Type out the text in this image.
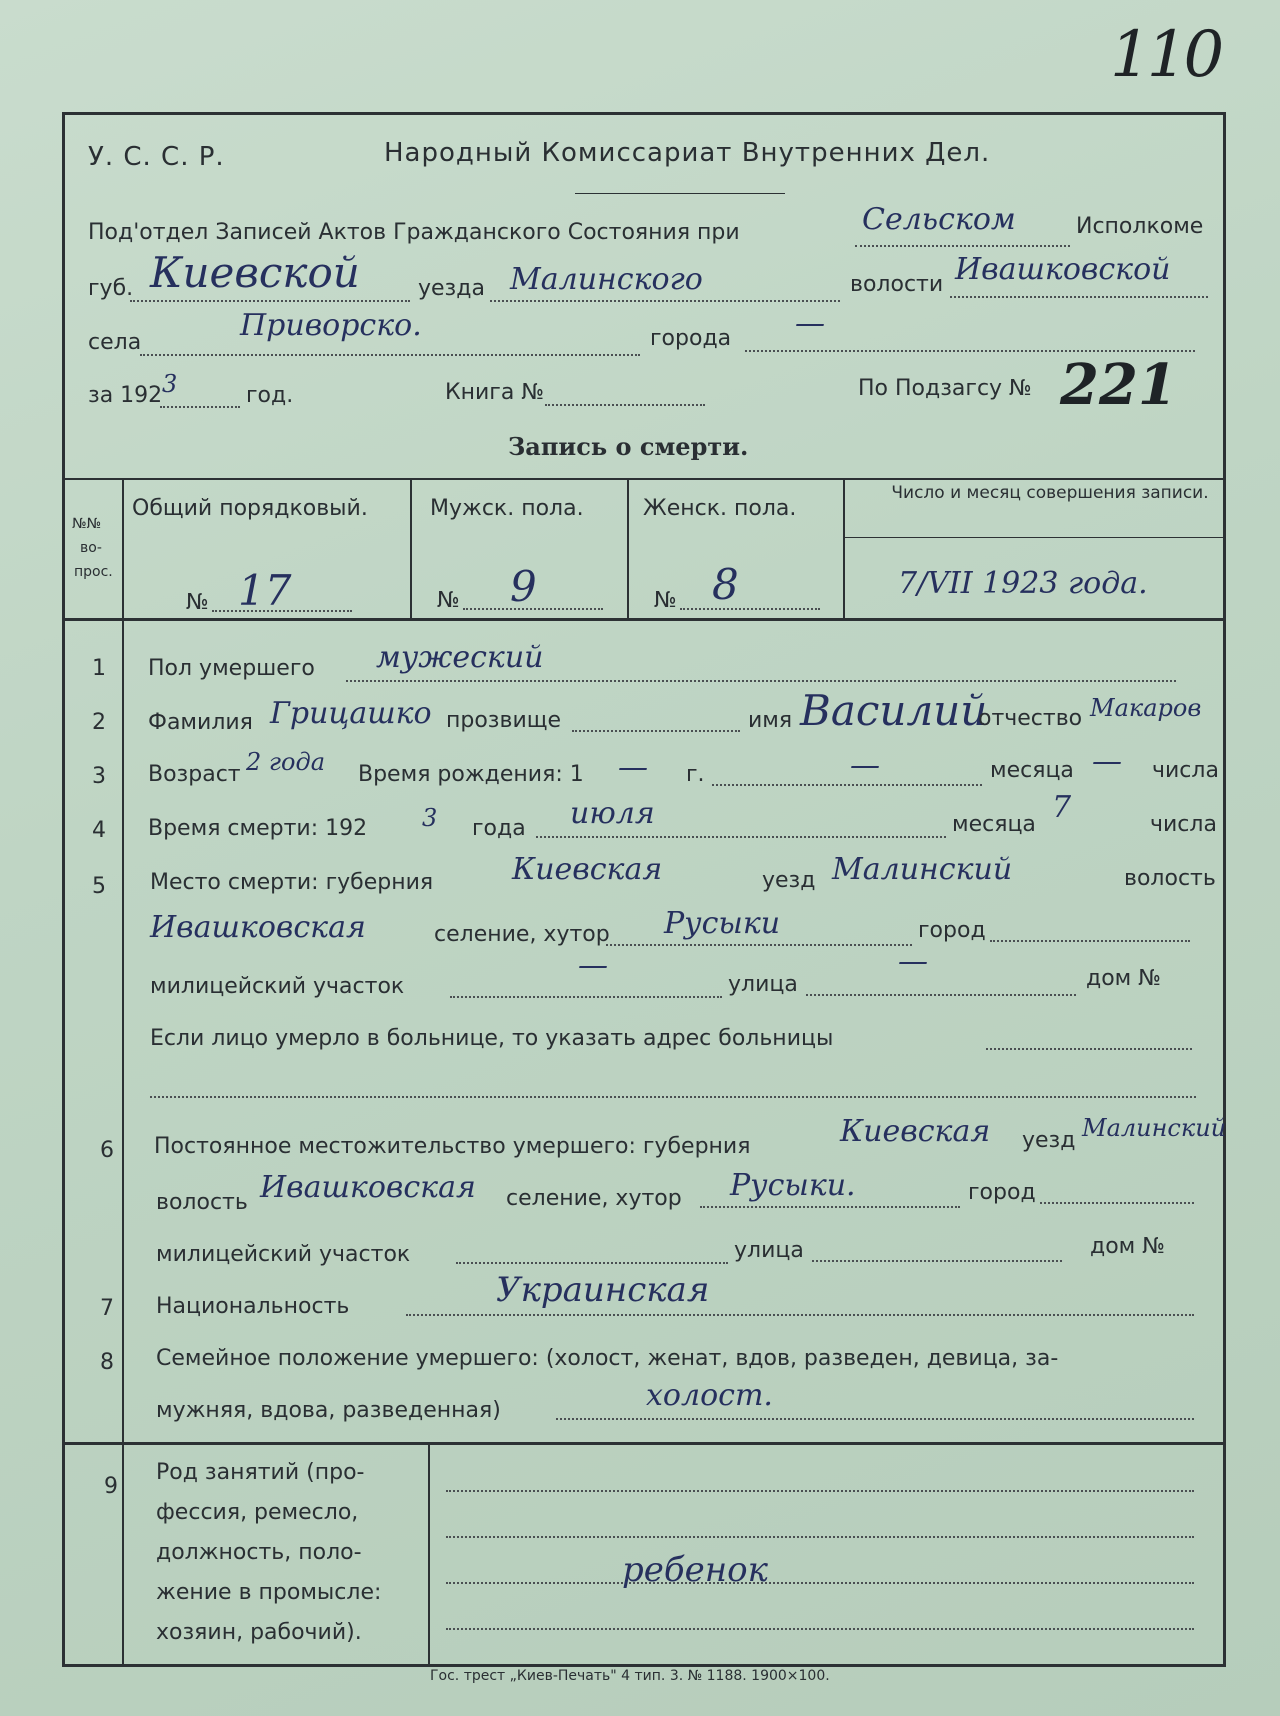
110
У. С. С. Р.	Народный Комиссариат Внутренних Дел.
Под'отдел Записей Актов Гражданского Состояния при	Сельском	Исполкоме
губ. Киевской	уезда Малинского	волости Ивашковской
села	Приворско.	города —
за 192 3	год.	Книга №	По Подзагсу № 221
Запись о смерти.
№№
во-
прос.
Общий порядковый.	Мужск. пола.	Женск. пола.
Число и месяц совершения записи.
№ 17	№ 9	№ 8	7/VII 1923 года.
1 Пол умершего мужеский
2 Фамилия Грицашко прозвище	имя Василий
отчество Макаров
3 Возраст 2 года Время рождения: 1 — г.	—	месяца — числа
4 Время смерти: 192 3 года июля	месяца 7	числа
5 Место смерти: губерния	Киевская	уезд Малинский	волость
Ивашковская	селение, хутор Русыки	город
—	—
милицейский участок	улица	дом №
Если лицо умерло в больнице, то указать адрес больницы
6 Постоянное местожительство умершего: губерния	Киевская уезд Малинский
волость Ивашковская селение, хутор Русыки.	город
милицейский участок	улица	дом №
7 Национальность	Украинская
8 Семейное положение умершего: (холост, женат, вдов, разведен, девица, за-
мужняя, вдова, разведенная)	холост.
9
Род занятий (про-
фессия, ремесло,
должность, поло-
жение в промысле:
хозяин, рабочий).
ребенок
Гос. трест „Киев-Печать" 4 тип. 3. № 1188. 1900×100.
